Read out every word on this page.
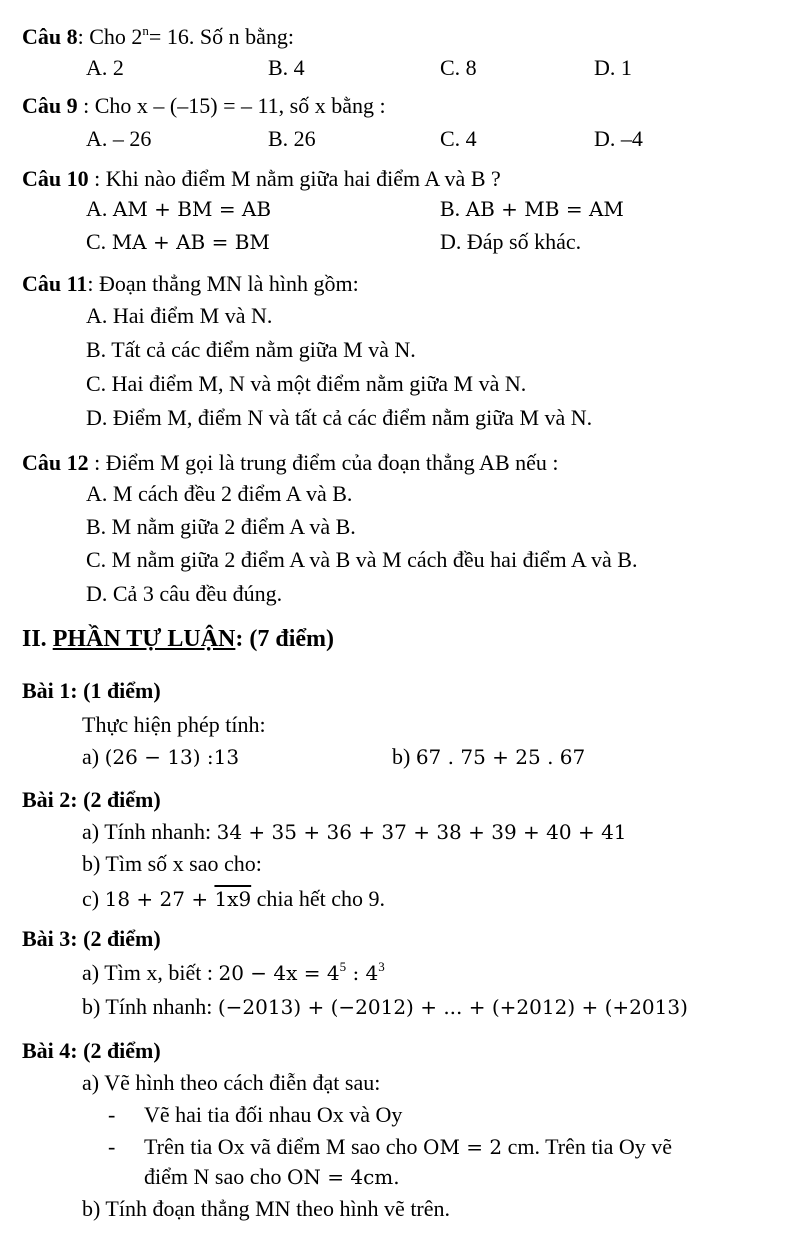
Câu 8: Cho $2^n= 16$. Số n bằng:
A. 2	B. 4	C. 8	D. 1
Câu 9 : Cho x – (–15) = – 11, số x bằng :
A. – 26	B. 26	C. 4	D. –4
Câu 10 : Khi nào điểm M nằm giữa hai điểm A và B ?
A. AM + BM = AB	B. AB + MB = AM
C. MA + AB = BM	D. Đáp số khác.
Câu 11: Đoạn thẳng MN là hình gồm:
A. Hai điểm M và N.
B. Tất cả các điểm nằm giữa M và N.
C. Hai điểm M, N và một điểm nằm giữa M và N.
D. Điểm M, điểm N và tất cả các điểm nằm giữa M và N.
Câu 12 : Điểm M gọi là trung điểm của đoạn thẳng AB nếu :
A. M cách đều 2 điểm A và B.
B. M nằm giữa 2 điểm A và B.
C. M nằm giữa 2 điểm A và B và M cách đều hai điểm A và B.
D. Cả 3 câu đều đúng.
II. PHẦN TỰ LUẬN: (7 điểm)
Bài 1: (1 điểm)
Thực hiện phép tính:
a) (26 − 13) :13	b) 67 . 75 + 25 . 67
Bài 2: (2 điểm)
a) Tính nhanh: 34 + 35 + 36 + 37 + 38 + 39 + 40 + 41
b) Tìm số x sao cho:
c) 18 + 27 + 1x9 chia hết cho 9.
Bài 3: (2 điểm)
a) Tìm x, biết : $20 - 4x = 4^5$ : $4^3$
b) Tính nhanh: (−2013) + (−2012) + ... + (+2012) + (+2013)
Bài 4: (2 điểm)
a) Vẽ hình theo cách điễn đạt sau:
- Vẽ hai tia đối nhau Ox và Oy
- Trên tia Ox vã điểm M sao cho OM = 2 cm. Trên tia Oy vẽ
điểm N sao cho ON = 4cm.
b) Tính đoạn thẳng MN theo hình vẽ trên.
